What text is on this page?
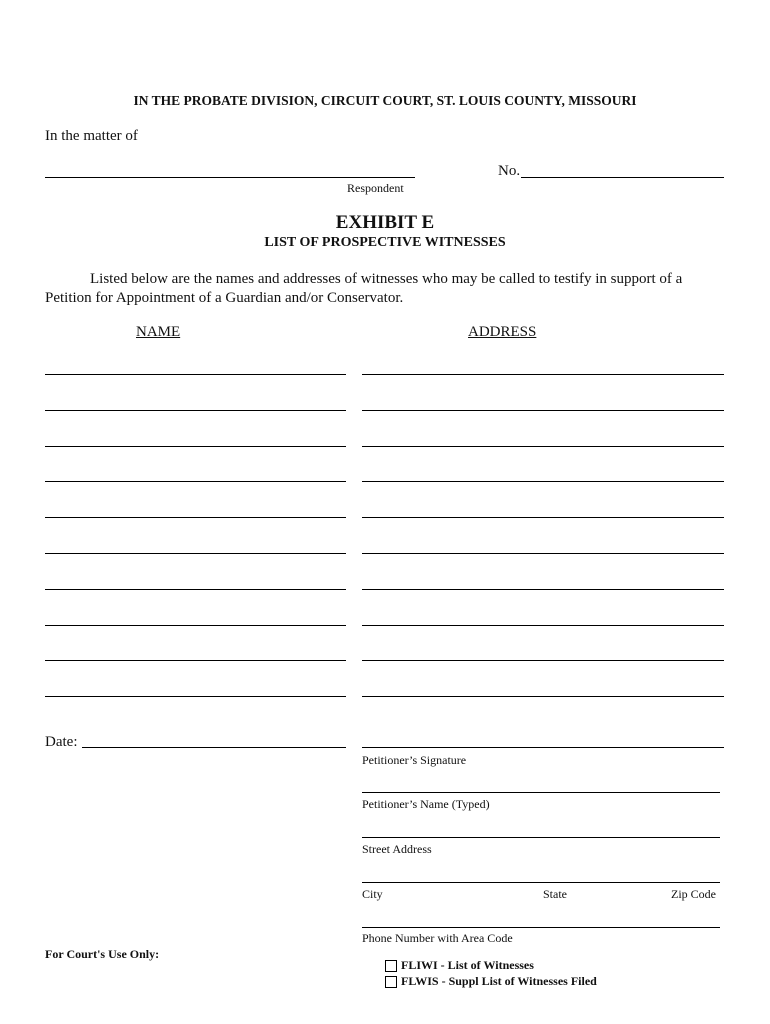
IN THE PROBATE DIVISION, CIRCUIT COURT, ST. LOUIS COUNTY, MISSOURI
In the matter of
Respondent
No.
EXHIBIT E
LIST OF PROSPECTIVE WITNESSES
Listed below are the names and addresses of witnesses who may be called to testify in support of a
Petition for Appointment of a Guardian and/or Conservator.
NAME	ADDRESS
Date:
Petitioner’s Signature
Petitioner’s Name (Typed)
Street Address
City	State	Zip Code
Phone Number with Area Code
For Court's Use Only:
FLIWI - List of Witnesses
FLWIS - Suppl List of Witnesses Filed
